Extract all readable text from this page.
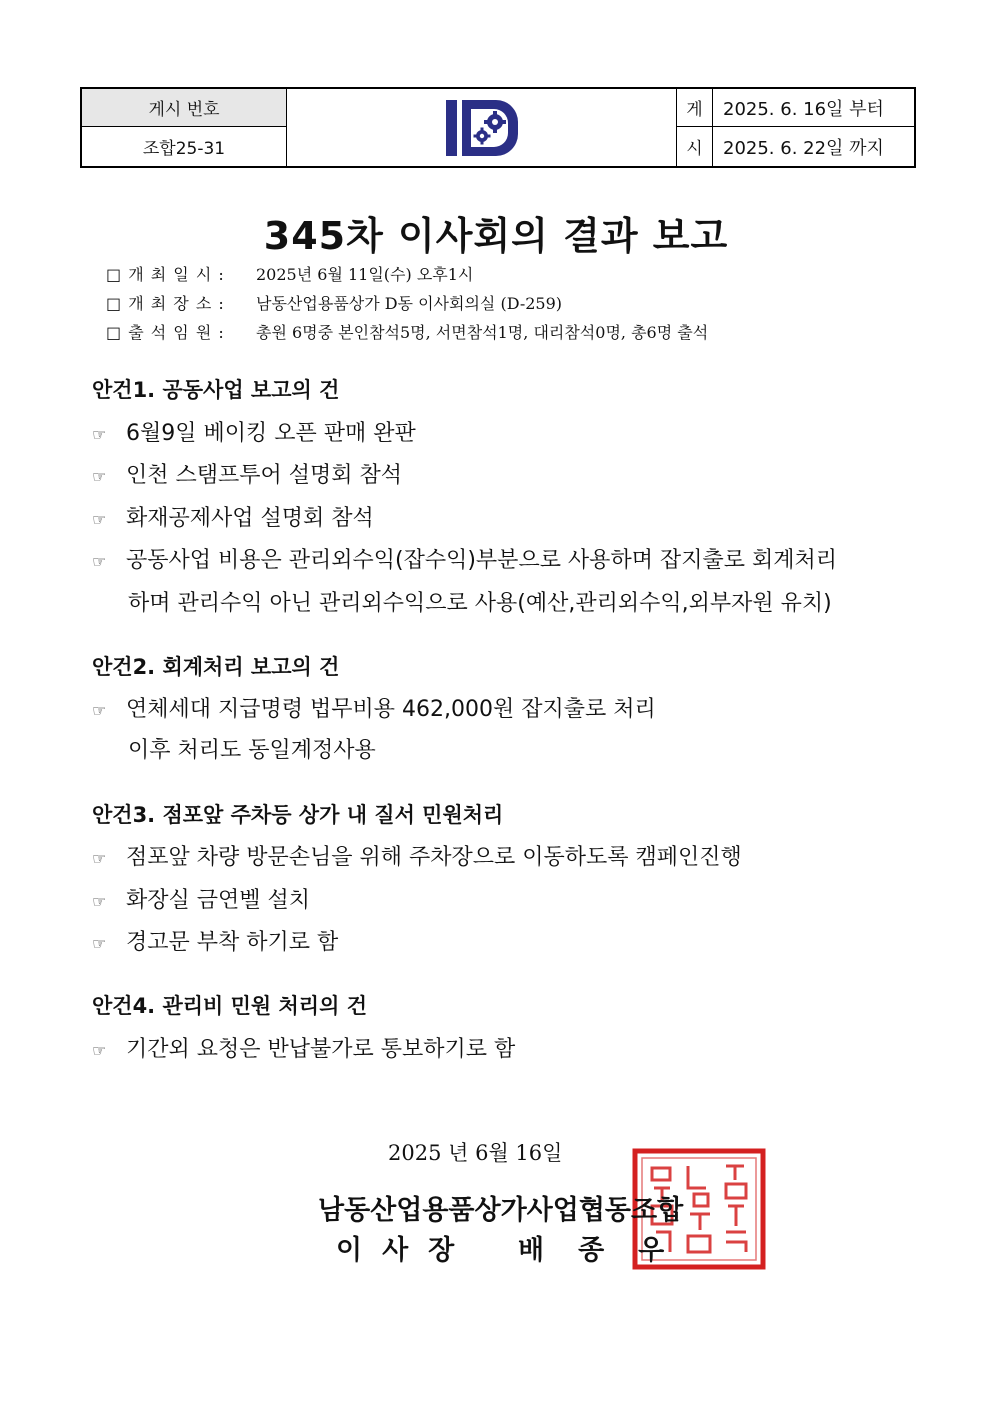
게시 번호
조합25-31
게
시
2025. 6. 16일 부터
2025. 6. 22일 까지
345차 이사회의 결과 보고
□ 개 최 일 시 : 2025년 6월 11일(수) 오후1시
□ 개 최 장 소 : 남동산업용품상가 D동 이사회의실 (D-259)
□ 출 석 임 원 : 총원 6명중 본인참석5명, 서면참석1명, 대리참석0명, 총6명 출석
안건1. 공동사업 보고의 건
☞ 6월9일 베이킹 오픈 판매 완판
☞ 인천 스탬프투어 설명회 참석
☞ 화재공제사업 설명회 참석
☞ 공동사업 비용은 관리외수익(잡수익)부분으로 사용하며 잡지출로 회계처리
하며 관리수익 아닌 관리외수익으로 사용(예산,관리외수익,외부자원 유치)
안건2. 회계처리 보고의 건
☞ 연체세대 지급명령 법무비용 462,000원 잡지출로 처리
이후 처리도 동일계정사용
안건3. 점포앞 주차등 상가 내 질서 민원처리
☞ 점포앞 차량 방문손님을 위해 주차장으로 이동하도록 캠페인진행
☞ 화장실 금연벨 설치
☞ 경고문 부착 하기로 함
안건4. 관리비 민원 처리의 건
☞ 기간외 요청은 반납불가로 통보하기로 함
2025 년 6월 16일
남동산업용품상가사업협동조합
이사장 배종우
